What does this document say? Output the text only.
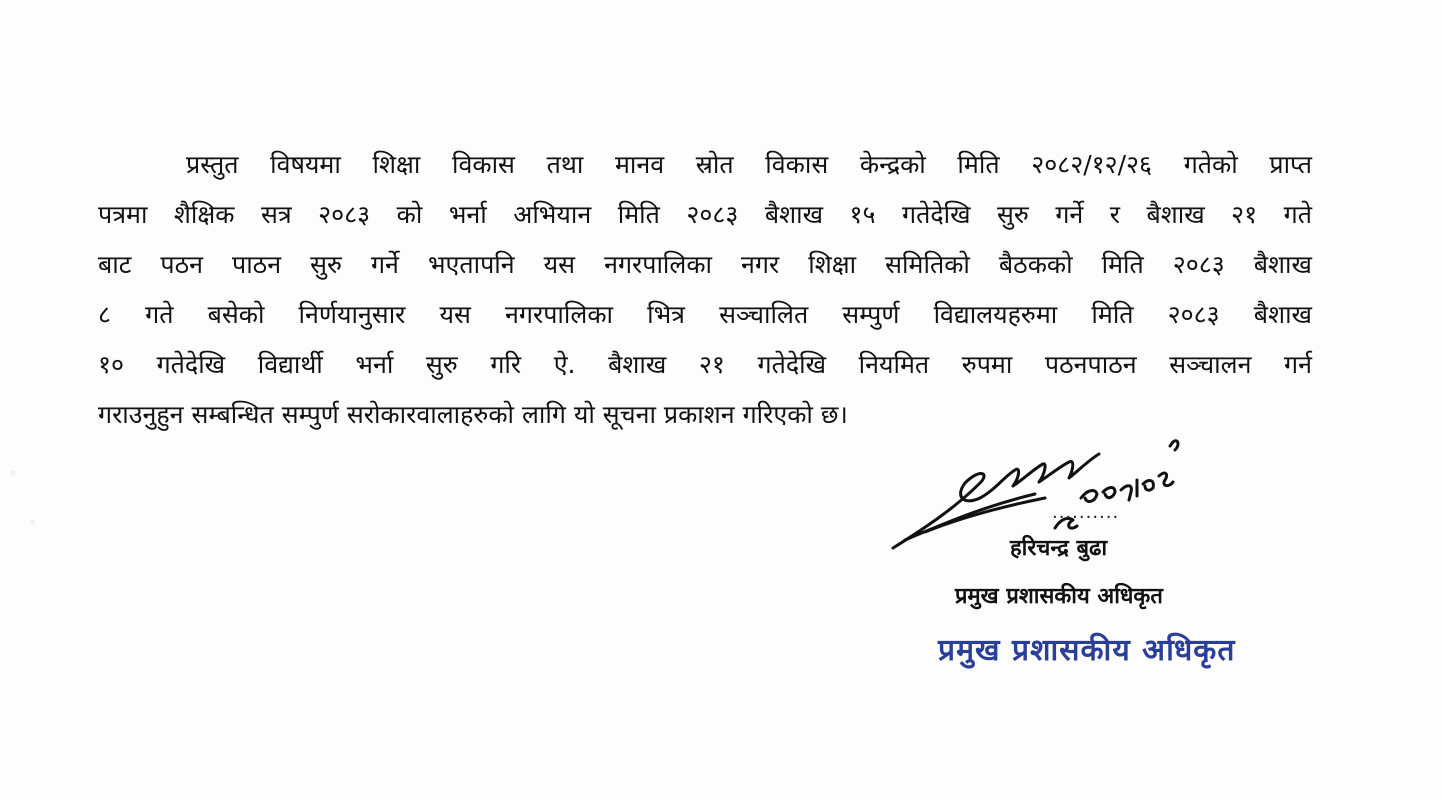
प्रस्तुत विषयमा शिक्षा विकास तथा मानव स्रोत विकास केन्द्रको मिति २०८२/१२/२६ गतेको प्राप्त
पत्रमा शैक्षिक सत्र २०८३ को भर्ना अभियान मिति २०८३ बैशाख १५ गतेदेखि सुरु गर्ने र बैशाख २१ गते
बाट पठन पाठन सुरु गर्ने भएतापनि यस नगरपालिका नगर शिक्षा समितिको बैठकको मिति २०८३ बैशाख
८ गते बसेको निर्णयानुसार यस नगरपालिका भित्र सञ्चालित सम्पुर्ण विद्यालयहरुमा मिति २०८३ बैशाख
१० गतेदेखि विद्यार्थी भर्ना सुरु गरि ऐ. बैशाख २१ गतेदेखि नियमित रुपमा पठनपाठन सञ्चालन गर्न
गराउनुहुन सम्बन्धित सम्पुर्ण सरोकारवालाहरुको लागि यो सूचना प्रकाशन गरिएको छ।
..........
हरिचन्द्र बुढा
प्रमुख प्रशासकीय अधिकृत
प्रमुख प्रशासकीय अधिकृत
